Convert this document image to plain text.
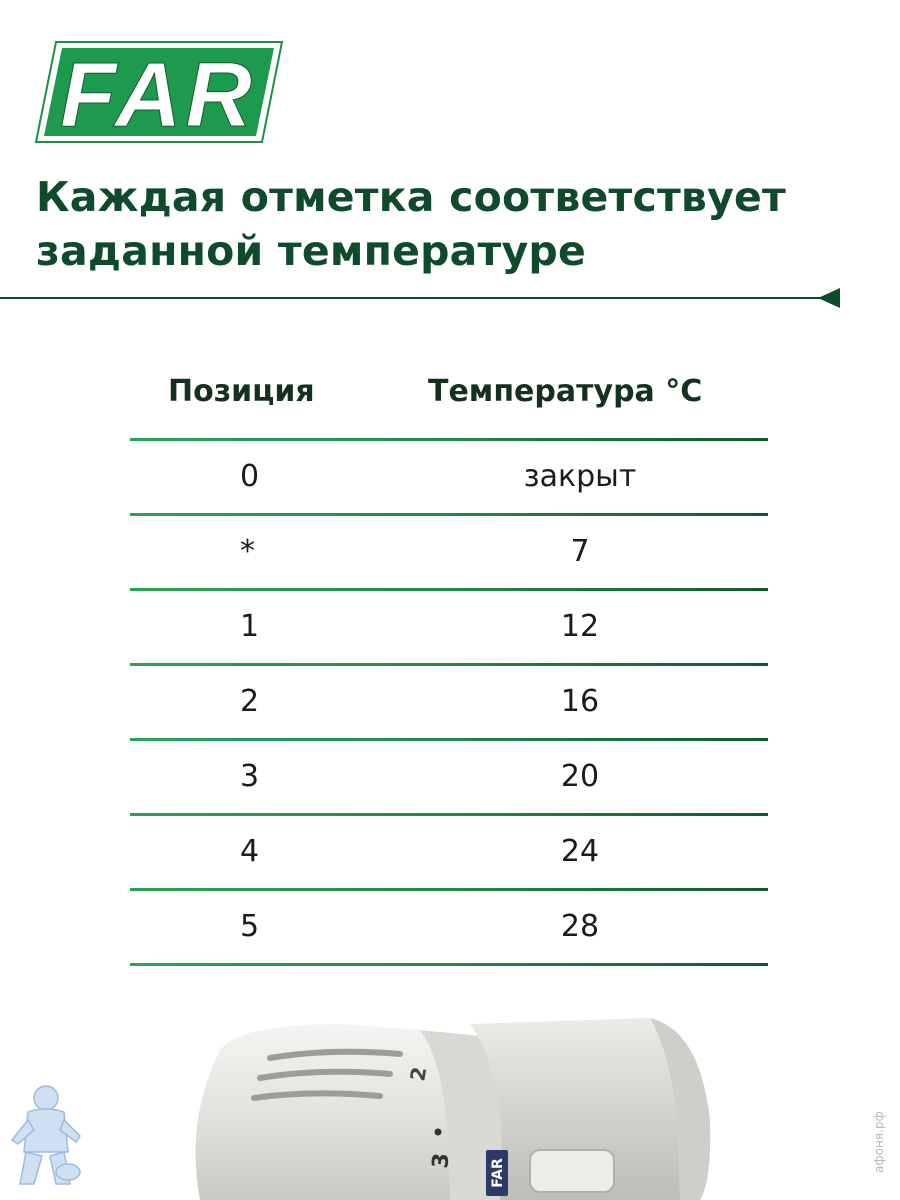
FAR
Каждая отметка соответствует
заданной температуре
Позиция	Температура °C
0	закрыт
*	7
1	12
2	16
3	20
4	24
5	28
2
3	FAR	афоня.рф
